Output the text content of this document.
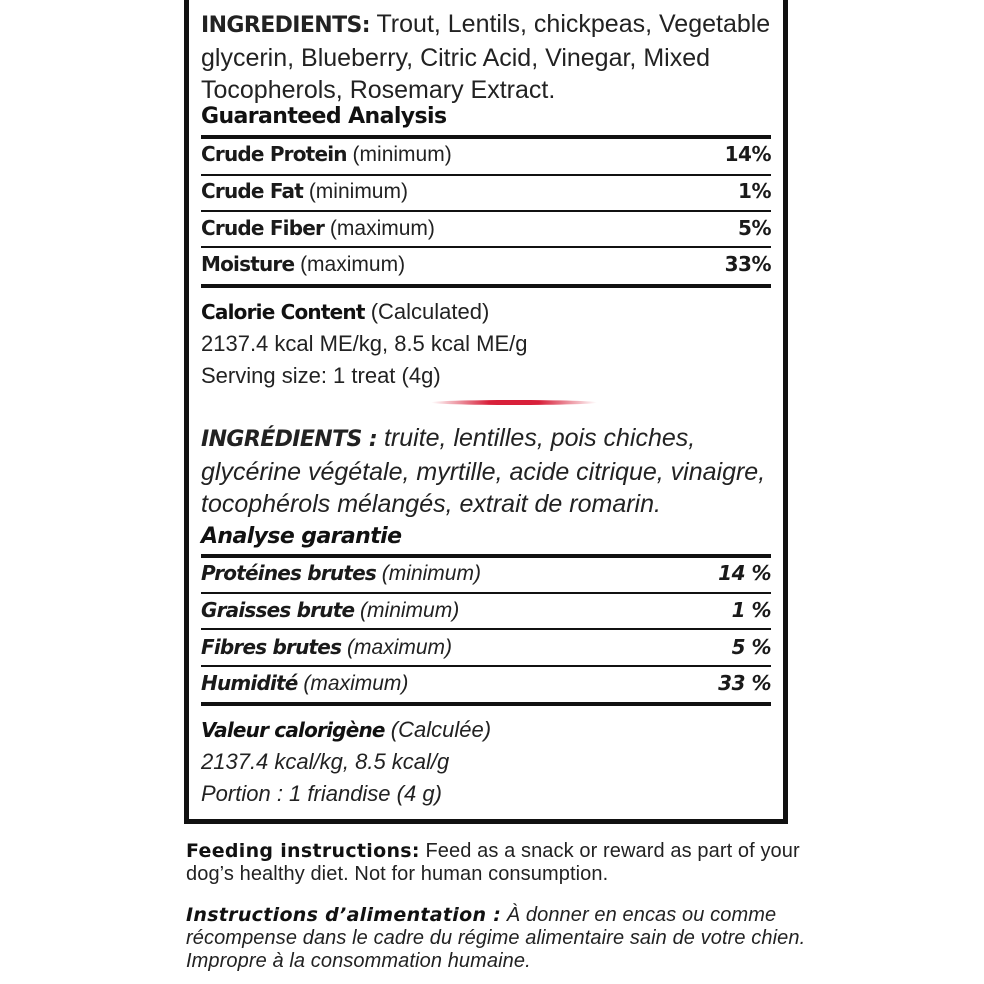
INGREDIENTS: Trout, Lentils, chickpeas, Vegetable glycerin, Blueberry, Citric Acid, Vinegar, Mixed Tocopherols, Rosemary Extract.
Guaranteed Analysis
Crude Protein (minimum)	14%
Crude Fat (minimum)	1%
Crude Fiber (maximum)	5%
Moisture (maximum)	33%
Calorie Content (Calculated)
2137.4 kcal ME/kg, 8.5 kcal ME/g
Serving size: 1 treat (4g)
INGRÉDIENTS : truite, lentilles, pois chiches, glycérine végétale, myrtille, acide citrique, vinaigre, tocophérols mélangés, extrait de romarin.
Analyse garantie
Protéines brutes (minimum)	14 %
Graisses brute (minimum)	1 %
Fibres brutes (maximum)	5 %
Humidité (maximum)	33 %
Valeur calorigène (Calculée)
2137.4 kcal/kg, 8.5 kcal/g
Portion : 1 friandise (4 g)
Feeding instructions: Feed as a snack or reward as part of your dog’s healthy diet. Not for human consumption.
Instructions d’alimentation : À donner en encas ou comme récompense dans le cadre du régime alimentaire sain de votre chien. Impropre à la consommation humaine.
